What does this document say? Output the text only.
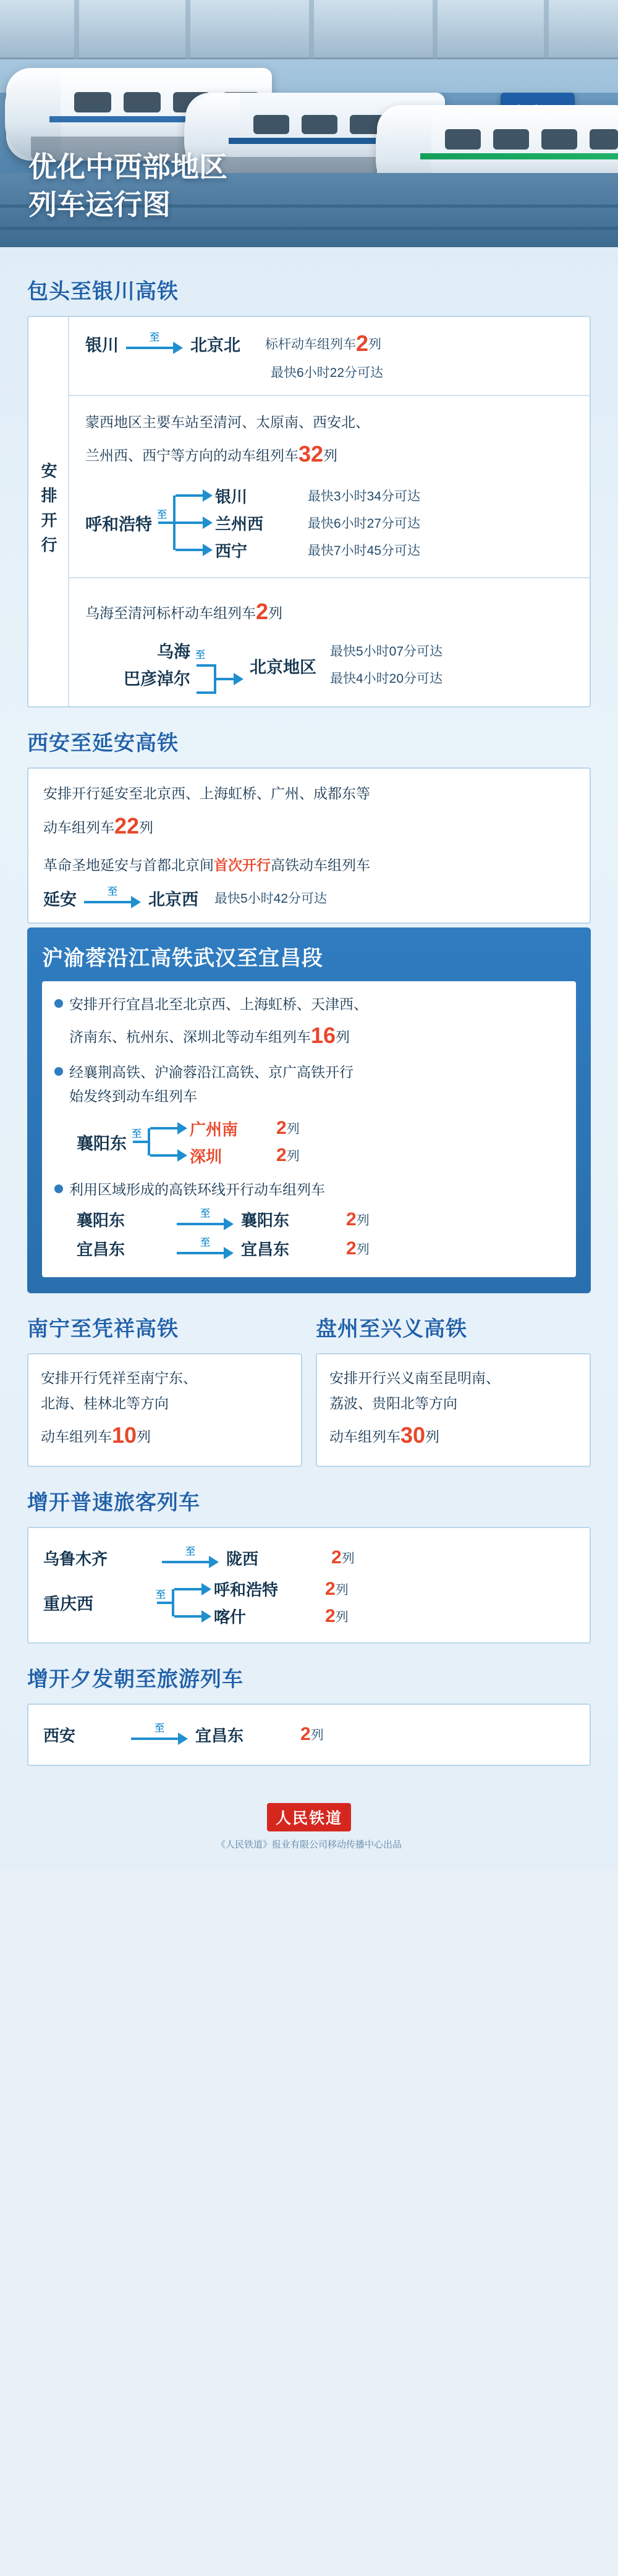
优化中西部地区
列车运行图
包头至银川高铁
安排开行
银川	至 北京北 标杆动车组列车 2 列
最快6小时22分可达
蒙西地区主要车站至清河、太原南、西安北、
兰州西、西宁等方向的动车组列车32列
呼和浩特 至
银川	最快3小时34分可达
兰州西	最快6小时27分可达
西宁	最快7小时45分可达
乌海至清河标杆动车组列车2列
乌海
巴彦淖尔
至
北京地区
最快5小时07分可达
最快4小时20分可达
西安至延安高铁
安排开行延安至北京西、上海虹桥、广州、成都东等
动车组列车22列
革命圣地延安与首都北京间首次开行高铁动车组列车
延安	至 北京西 最快5小时42分可达
沪渝蓉沿江高铁武汉至宜昌段
安排开行宜昌北至北京西、上海虹桥、天津西、
济南东、杭州东、深圳北等动车组列车16列
经襄荆高铁、沪渝蓉沿江高铁、京广高铁开行
始发终到动车组列车
襄阳东 至	广州南	2 列
深圳	2 列
利用区域形成的高铁环线开行动车组列车
襄阳东	至 襄阳东	2 列
宜昌东	至 宜昌东	2 列
南宁至凭祥高铁
安排开行凭祥至南宁东、
北海、桂林北等方向
动车组列车10列
盘州至兴义高铁
安排开行兴义南至昆明南、
荔波、贵阳北等方向
动车组列车30列
增开普速旅客列车
乌鲁木齐	至 陇西	2 列
重庆西	至	呼和浩特	2 列
喀什	2 列
增开夕发朝至旅游列车
西安	至 宜昌东	2 列
人民铁道
《人民铁道》报业有限公司移动传播中心出品
